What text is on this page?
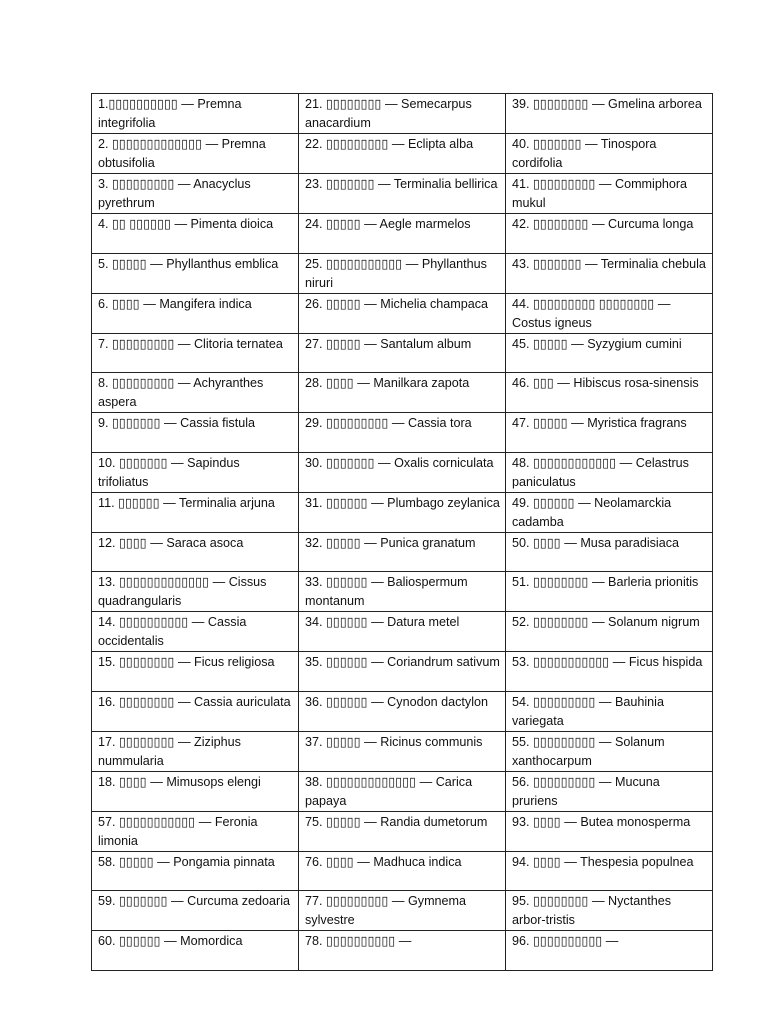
1.▯▯▯▯▯▯▯▯▯▯ — Premna integrifolia	21. ▯▯▯▯▯▯▯▯ — Semecarpus anacardium	39. ▯▯▯▯▯▯▯▯ — Gmelina arborea
2. ▯▯▯▯▯▯▯▯▯▯▯▯▯ — Premna obtusifolia	22. ▯▯▯▯▯▯▯▯▯ — Eclipta alba	40. ▯▯▯▯▯▯▯ — Tinospora cordifolia
3. ▯▯▯▯▯▯▯▯▯ — Anacyclus pyrethrum	23. ▯▯▯▯▯▯▯ — Terminalia bellirica	41. ▯▯▯▯▯▯▯▯▯ — Commiphora mukul
4. ▯▯ ▯▯▯▯▯▯ — Pimenta dioica	24. ▯▯▯▯▯ — Aegle marmelos	42. ▯▯▯▯▯▯▯▯ — Curcuma longa
5. ▯▯▯▯▯ — Phyllanthus emblica	25. ▯▯▯▯▯▯▯▯▯▯▯ — Phyllanthus niruri	43. ▯▯▯▯▯▯▯ — Terminalia chebula
6. ▯▯▯▯ — Mangifera indica	26. ▯▯▯▯▯ — Michelia champaca	44. ▯▯▯▯▯▯▯▯▯ ▯▯▯▯▯▯▯▯ — Costus igneus
7. ▯▯▯▯▯▯▯▯▯ — Clitoria ternatea	27. ▯▯▯▯▯ — Santalum album	45. ▯▯▯▯▯ — Syzygium cumini
8. ▯▯▯▯▯▯▯▯▯ — Achyranthes aspera	28. ▯▯▯▯ — Manilkara zapota	46. ▯▯▯ — Hibiscus rosa-sinensis
9. ▯▯▯▯▯▯▯ — Cassia fistula	29. ▯▯▯▯▯▯▯▯▯ — Cassia tora	47. ▯▯▯▯▯ — Myristica fragrans
10. ▯▯▯▯▯▯▯ — Sapindus trifoliatus	30. ▯▯▯▯▯▯▯ — Oxalis corniculata	48. ▯▯▯▯▯▯▯▯▯▯▯▯ — Celastrus paniculatus
11. ▯▯▯▯▯▯ — Terminalia arjuna	31. ▯▯▯▯▯▯ — Plumbago zeylanica	49. ▯▯▯▯▯▯ — Neolamarckia cadamba
12. ▯▯▯▯ — Saraca asoca	32. ▯▯▯▯▯ — Punica granatum	50. ▯▯▯▯ — Musa paradisiaca
13. ▯▯▯▯▯▯▯▯▯▯▯▯▯ — Cissus quadrangularis	33. ▯▯▯▯▯▯ — Baliospermum montanum	51. ▯▯▯▯▯▯▯▯ — Barleria prionitis
14. ▯▯▯▯▯▯▯▯▯▯ — Cassia occidentalis	34. ▯▯▯▯▯▯ — Datura metel	52. ▯▯▯▯▯▯▯▯ — Solanum nigrum
15. ▯▯▯▯▯▯▯▯ — Ficus religiosa	35. ▯▯▯▯▯▯ — Coriandrum sativum	53. ▯▯▯▯▯▯▯▯▯▯▯ — Ficus hispida
16. ▯▯▯▯▯▯▯▯ — Cassia auriculata	36. ▯▯▯▯▯▯ — Cynodon dactylon	54. ▯▯▯▯▯▯▯▯▯ — Bauhinia variegata
17. ▯▯▯▯▯▯▯▯ — Ziziphus nummularia	37. ▯▯▯▯▯ — Ricinus communis	55. ▯▯▯▯▯▯▯▯▯ — Solanum xanthocarpum
18. ▯▯▯▯ — Mimusops elengi	38. ▯▯▯▯▯▯▯▯▯▯▯▯▯ — Carica papaya	56. ▯▯▯▯▯▯▯▯▯ — Mucuna pruriens
57. ▯▯▯▯▯▯▯▯▯▯▯ — Feronia limonia	75. ▯▯▯▯▯ — Randia dumetorum	93. ▯▯▯▯ — Butea monosperma
58. ▯▯▯▯▯ — Pongamia pinnata	76. ▯▯▯▯ — Madhuca indica	94. ▯▯▯▯ — Thespesia populnea
59. ▯▯▯▯▯▯▯ — Curcuma zedoaria	77. ▯▯▯▯▯▯▯▯▯ — Gymnema sylvestre	95. ▯▯▯▯▯▯▯▯ — Nyctanthes arbor-tristis
60. ▯▯▯▯▯▯ — Momordica	78. ▯▯▯▯▯▯▯▯▯▯ —	96. ▯▯▯▯▯▯▯▯▯▯ —
